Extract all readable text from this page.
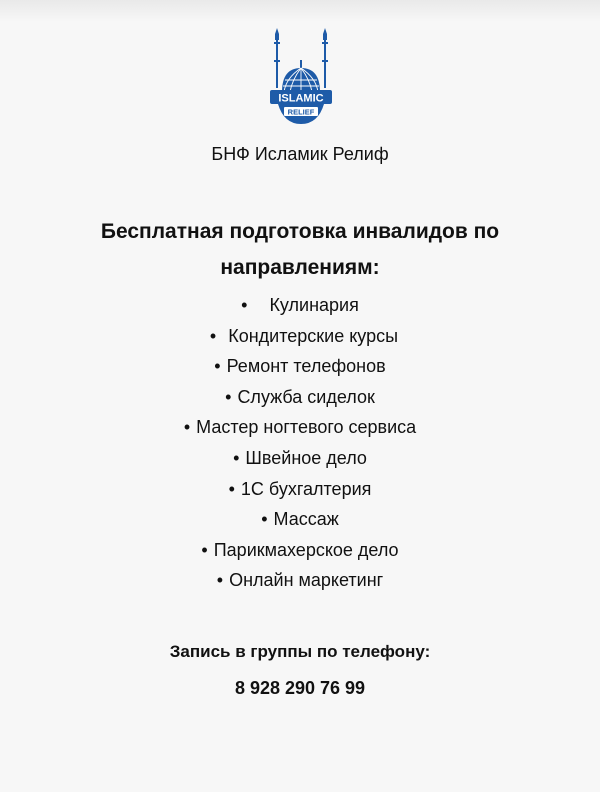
ISLAMIC
RELIEF
БНФ Исламик Релиф
Бесплатная подготовка инвалидов по направлениям:
• Кулинария
• Кондитерские курсы
• Ремонт телефонов
• Служба сиделок
• Мастер ногтевого сервиса
• Швейное дело
• 1С бухгалтерия
• Массаж
• Парикмахерское дело
• Онлайн маркетинг
Запись в группы по телефону:
8 928 290 76 99
